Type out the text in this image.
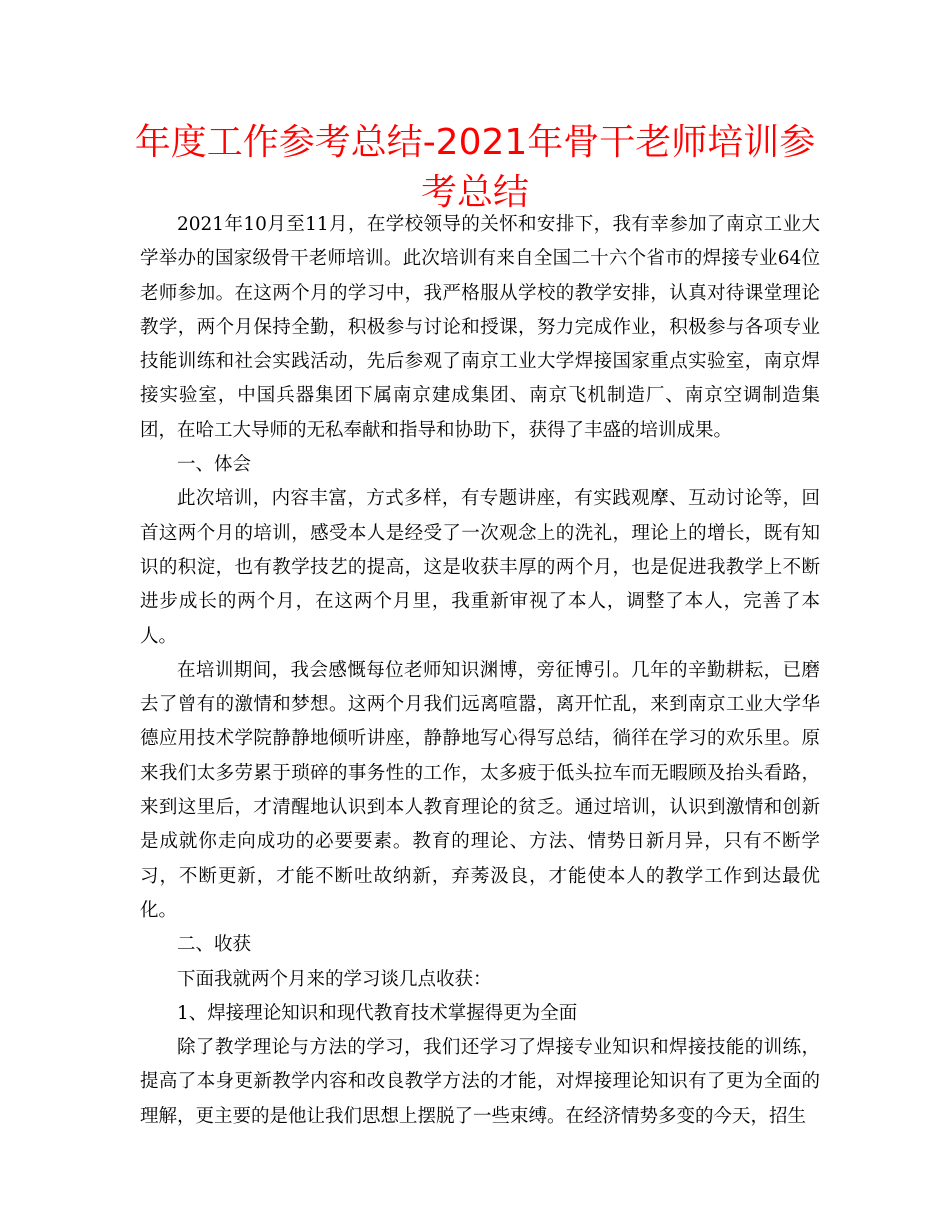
年度工作参考总结-2021年骨干老师培训参考总结

2021年10月至11月，在学校领导的关怀和安排下，我有幸参加了南京工业大学举办的国家级骨干老师培训。此次培训有来自全国二十六个省市的焊接专业64位老师参加。在这两个月的学习中，我严格服从学校的教学安排，认真对待课堂理论教学，两个月保持全勤，积极参与讨论和授课，努力完成作业，积极参与各项专业技能训练和社会实践活动，先后参观了南京工业大学焊接国家重点实验室，南京焊接实验室，中国兵器集团下属南京建成集团、南京飞机制造厂、南京空调制造集团，在哈工大导师的无私奉献和指导和协助下，获得了丰盛的培训成果。

一、体会

此次培训，内容丰富，方式多样，有专题讲座，有实践观摩、互动讨论等，回首这两个月的培训，感受本人是经受了一次观念上的洗礼，理论上的增长，既有知识的积淀，也有教学技艺的提高，这是收获丰厚的两个月，也是促进我教学上不断进步成长的两个月，在这两个月里，我重新审视了本人，调整了本人，完善了本人。

在培训期间，我会感慨每位老师知识渊博，旁征博引。几年的辛勤耕耘，已磨去了曾有的激情和梦想。这两个月我们远离喧嚣，离开忙乱，来到南京工业大学华德应用技术学院静静地倾听讲座，静静地写心得写总结，徜徉在学习的欢乐里。原来我们太多劳累于琐碎的事务性的工作，太多疲于低头拉车而无暇顾及抬头看路，来到这里后，才清醒地认识到本人教育理论的贫乏。通过培训，认识到激情和创新是成就你走向成功的必要要素。教育的理论、方法、情势日新月异，只有不断学习，不断更新，才能不断吐故纳新，弃莠汲良，才能使本人的教学工作到达最优化。

二、收获

下面我就两个月来的学习谈几点收获：

1、焊接理论知识和现代教育技术掌握得更为全面

除了教学理论与方法的学习，我们还学习了焊接专业知识和焊接技能的训练，提高了本身更新教学内容和改良教学方法的才能，对焊接理论知识有了更为全面的理解，更主要的是他让我们思想上摆脱了一些束缚。在经济情势多变的今天，招生
